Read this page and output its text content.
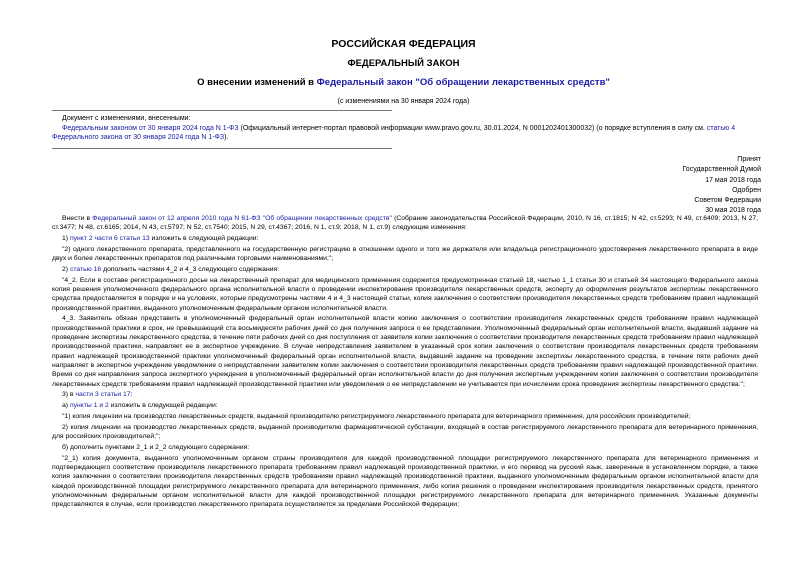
РОССИЙСКАЯ ФЕДЕРАЦИЯ
ФЕДЕРАЛЬНЫЙ ЗАКОН
О внесении изменений в Федеральный закон "Об обращении лекарственных средств"
(с изменениями на 30 января 2024 года)

Документ с изменениями, внесенными:

Федеральным законом от 30 января 2024 года N 1-ФЗ (Официальный интернет-портал правовой информации www.pravo.gov.ru, 30.01.2024, N 0001202401300032) (о порядке вступления в силу см. статью 4 Федерального закона от 30 января 2024 года N 1-ФЗ).

Принят
Государственной Думой
17 мая 2018 года
Одобрен
Советом Федерации
30 мая 2018 года

Внести в Федеральный закон от 12 апреля 2010 года N 61-ФЗ "Об обращении лекарственных средств" (Собрание законодательства Российской Федерации, 2010, N 16, ст.1815; N 42, ст.5293; N 49, ст.6409; 2013, N 27, ст.3477; N 48, ст.6165; 2014, N 43, ст.5797; N 52, ст.7540; 2015, N 29, ст.4367; 2016, N 1, ст.9; 2018, N 1, ст.9) следующие изменения:

1) пункт 2 части 6 статьи 13 изложить в следующей редакции:

"2) одного лекарственного препарата, представленного на государственную регистрацию в отношении одного и того же держателя или владельца регистрационного удостоверения лекарственного препарата в виде двух и более лекарственных препаратов под различными торговыми наименованиями;";

2) статью 16 дополнить частями 4_2 и 4_3 следующего содержания:

"4_2. Если в составе регистрационного досье на лекарственный препарат для медицинского применения содержится предусмотренная статьей 18, частью 1_1 статьи 30 и статьей 34 настоящего Федерального закона копия решения уполномоченного федерального органа исполнительной власти о проведении инспектирования производителя лекарственных средств, эксперту до оформления результатов экспертизы лекарственного средства предоставляется в порядке и на условиях, которые предусмотрены частями 4 и 4_3 настоящей статьи, копия заключения о соответствии производителя лекарственных средств требованиям правил надлежащей производственной практики, выданного уполномоченным федеральным органом исполнительной власти.

4_3. Заявитель обязан представить в уполномоченный федеральный орган исполнительной власти копию заключения о соответствии производителя лекарственных средств требованиям правил надлежащей производственной практики в срок, не превышающий ста восьмидесяти рабочих дней со дня получения запроса о ее представлении. Уполномоченный федеральный орган исполнительной власти, выдавший задание на проведение экспертизы лекарственного средства, в течение пяти рабочих дней со дня поступления от заявителя копии заключения о соответствии производителя лекарственных средств требованиям правил надлежащей производственной практики, направляет ее в экспертное учреждение. В случае непредставления заявителем в указанный срок копии заключения о соответствии производителя лекарственных средств требованиям правил надлежащей производственной практики уполномоченный федеральный орган исполнительной власти, выдавший задание на проведение экспертизы лекарственного средства, в течение пяти рабочих дней направляет в экспертное учреждение уведомление о непредставлении заявителем копии заключения о соответствии производителя лекарственных средств требованиям правил надлежащей производственной практики. Время со дня направления запроса экспертного учреждения в уполномоченный федеральный орган исполнительной власти до дня получения экспертным учреждением копии заключения о соответствии производителя лекарственных средств требованиям правил надлежащей производственной практики или уведомления о ее непредставлении не учитывается при исчислении срока проведения экспертизы лекарственного средства.";

3) в части 3 статьи 17:

а) пункты 1 и 2 изложить в следующей редакции:

"1) копия лицензии на производство лекарственных средств, выданной производителю регистрируемого лекарственного препарата для ветеринарного применения, для российских производителей;

2) копия лицензии на производство лекарственных средств, выданной производителю фармацевтической субстанции, входящей в состав регистрируемого лекарственного препарата для ветеринарного применения, для российских производителей;";

б) дополнить пунктами 2_1 и 2_2 следующего содержания:

"2_1) копия документа, выданного уполномоченным органом страны производителя для каждой производственной площадки регистрируемого лекарственного препарата для ветеринарного применения и подтверждающего соответствие производителя лекарственного препарата требованиям правил надлежащей производственной практики, и его перевод на русский язык, заверенные в установленном порядке, а также копия заключения о соответствии производителя лекарственных средств требованиям правил надлежащей производственной практики, выданного уполномоченным федеральным органом исполнительной власти для каждой производственной площадки регистрируемого лекарственного препарата для ветеринарного применения, либо копия решения о проведении инспектирования производителя лекарственных средств, принятого уполномоченным федеральным органом исполнительной власти для каждой производственной площадки регистрируемого лекарственного препарата для ветеринарного применения. Указанные документы представляются в случае, если производство лекарственного препарата осуществляется за пределами Российской Федерации;
